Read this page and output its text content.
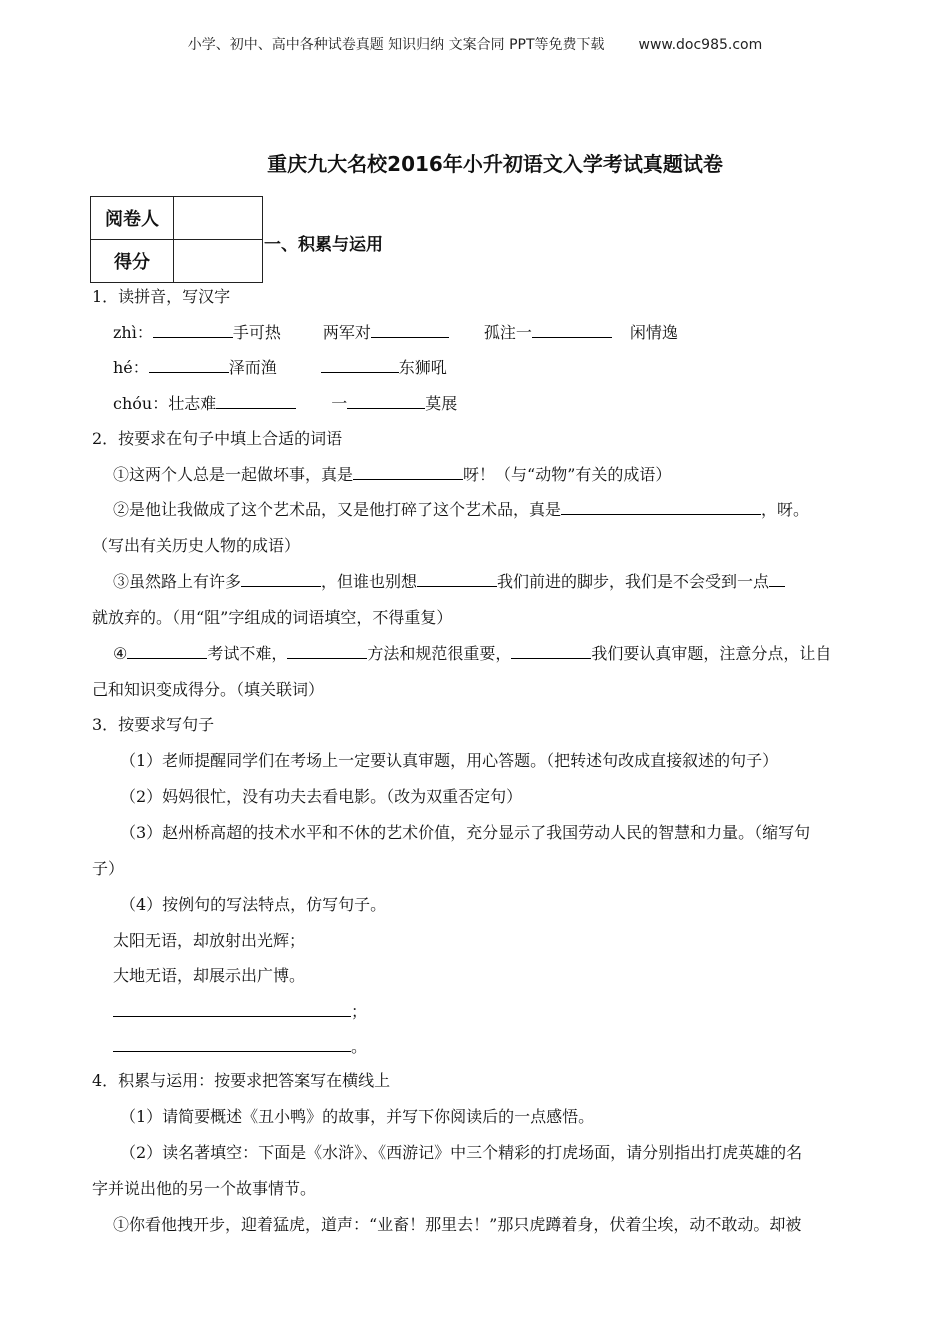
小学、初中、高中各种试卷真题 知识归纳 文案合同 PPT等免费下载 www.doc985.com
重庆九大名校2016年小升初语文入学考试真题试卷
阅卷人	
得分	
一、积累与运用
1．读拼音，写汉字
zhì：	手可热	两军对	孤注一	闲情逸
hé：	泽而渔	东狮吼
chóu：壮志难	一	莫展
2．按要求在句子中填上合适的词语
①这两个人总是一起做坏事，真是	呀！（与“动物”有关的成语）
②是他让我做成了这个艺术品，又是他打碎了这个艺术品，真是	，呀。
（写出有关历史人物的成语）
③虽然路上有许多	，但谁也别想	我们前进的脚步，我们是不会受到一点
就放弃的。（用“阻”字组成的词语填空，不得重复）
④	考试不难，	方法和规范很重要，	我们要认真审题，注意分点，让自
己和知识变成得分。（填关联词）
3．按要求写句子
（1）老师提醒同学们在考场上一定要认真审题，用心答题。（把转述句改成直接叙述的句子）
（2）妈妈很忙，没有功夫去看电影。（改为双重否定句）
（3）赵州桥高超的技术水平和不休的艺术价值，充分显示了我国劳动人民的智慧和力量。（缩写句
子）
（4）按例句的写法特点，仿写句子。
太阳无语，却放射出光辉；
大地无语，却展示出广博。
；
。
4．积累与运用：按要求把答案写在横线上
（1）请简要概述《丑小鸭》的故事，并写下你阅读后的一点感悟。
（2）读名著填空：下面是《水浒》、《西游记》中三个精彩的打虎场面，请分别指出打虎英雄的名
字并说出他的另一个故事情节。
①你看他拽开步，迎着猛虎，道声：“业畜！那里去！”那只虎蹲着身，伏着尘埃，动不敢动。却被
